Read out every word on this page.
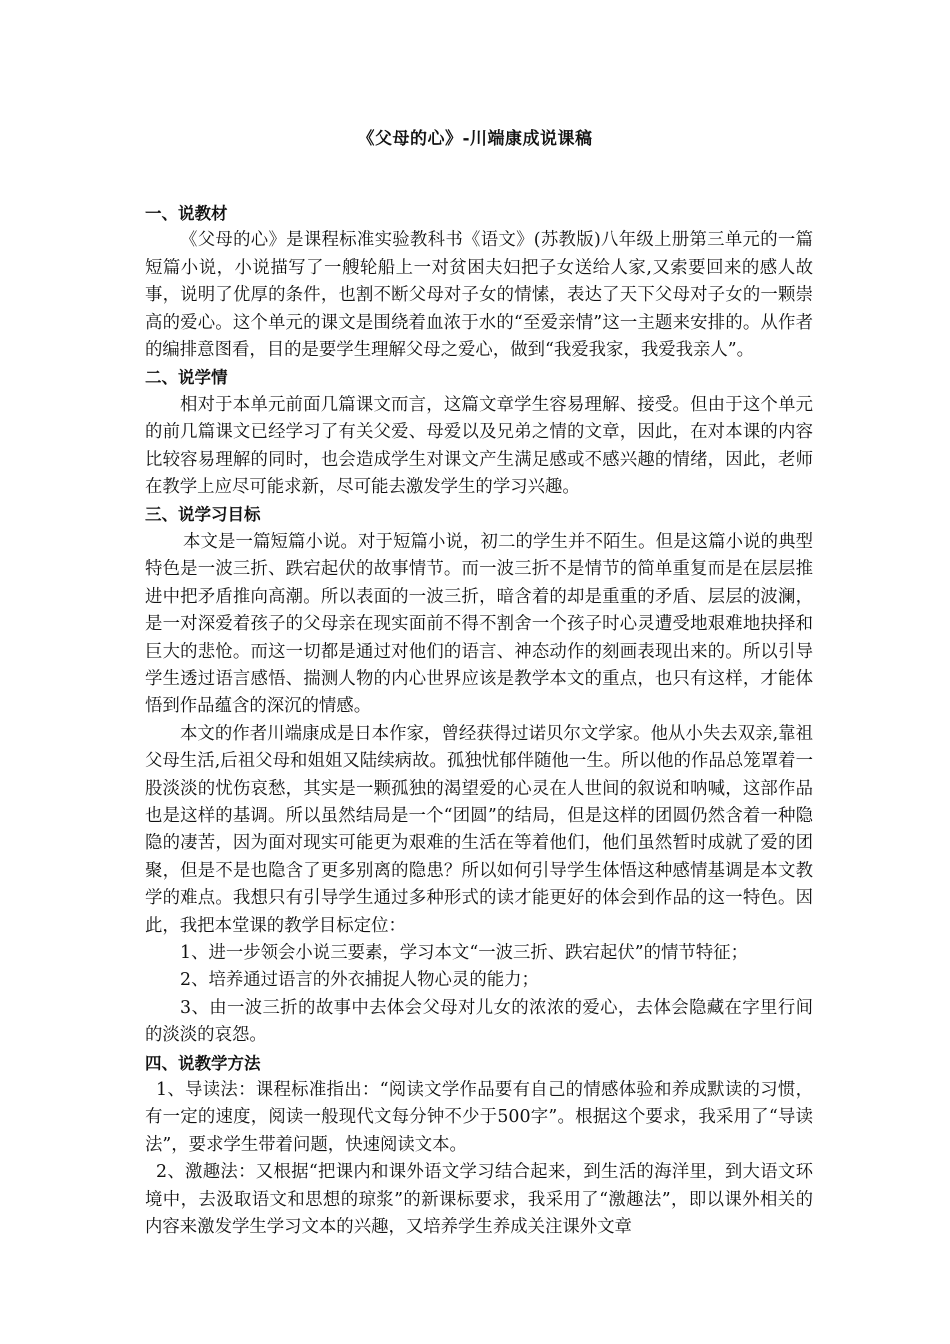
《父母的心》-川端康成说课稿
一、说教材

《父母的心》是课程标准实验教科书《语文》(苏教版)八年级上册第三单元的一篇短篇小说，小说描写了一艘轮船上一对贫困夫妇把子女送给人家,又索要回来的感人故事，说明了优厚的条件，也割不断父母对子女的情愫，表达了天下父母对子女的一颗崇高的爱心。这个单元的课文是围绕着血浓于水的“至爱亲情”这一主题来安排的。从作者的编排意图看，目的是要学生理解父母之爱心，做到“我爱我家，我爱我亲人”。

二、说学情

相对于本单元前面几篇课文而言，这篇文章学生容易理解、接受。但由于这个单元的前几篇课文已经学习了有关父爱、母爱以及兄弟之情的文章，因此，在对本课的内容比较容易理解的同时，也会造成学生对课文产生满足感或不感兴趣的情绪，因此，老师在教学上应尽可能求新，尽可能去激发学生的学习兴趣。

三、说学习目标

本文是一篇短篇小说。对于短篇小说，初二的学生并不陌生。但是这篇小说的典型特色是一波三折、跌宕起伏的故事情节。而一波三折不是情节的简单重复而是在层层推进中把矛盾推向高潮。所以表面的一波三折，暗含着的却是重重的矛盾、层层的波澜，是一对深爱着孩子的父母亲在现实面前不得不割舍一个孩子时心灵遭受地艰难地抉择和巨大的悲怆。而这一切都是通过对他们的语言、神态动作的刻画表现出来的。所以引导学生透过语言感悟、揣测人物的内心世界应该是教学本文的重点，也只有这样，才能体悟到作品蕴含的深沉的情感。

本文的作者川端康成是日本作家，曾经获得过诺贝尔文学家。他从小失去双亲,靠祖父母生活,后祖父母和姐姐又陆续病故。孤独忧郁伴随他一生。所以他的作品总笼罩着一股淡淡的忧伤哀愁，其实是一颗孤独的渴望爱的心灵在人世间的叙说和呐喊，这部作品也是这样的基调。所以虽然结局是一个“团圆”的结局，但是这样的团圆仍然含着一种隐隐的凄苦，因为面对现实可能更为艰难的生活在等着他们，他们虽然暂时成就了爱的团聚，但是不是也隐含了更多别离的隐患？所以如何引导学生体悟这种感情基调是本文教学的难点。我想只有引导学生通过多种形式的读才能更好的体会到作品的这一特色。因此，我把本堂课的教学目标定位：

1、进一步领会小说三要素，学习本文“一波三折、跌宕起伏”的情节特征；

2、培养通过语言的外衣捕捉人物心灵的能力；

3、由一波三折的故事中去体会父母对儿女的浓浓的爱心，去体会隐藏在字里行间的淡淡的哀怨。

四、说教学方法

1、导读法：课程标准指出：“阅读文学作品要有自己的情感体验和养成默读的习惯，有一定的速度，阅读一般现代文每分钟不少于500字”。根据这个要求，我采用了“导读法”，要求学生带着问题，快速阅读文本。

2、激趣法：又根据“把课内和课外语文学习结合起来，到生活的海洋里，到大语文环境中，去汲取语文和思想的琼浆”的新课标要求，我采用了“激趣法”，即以课外相关的内容来激发学生学习文本的兴趣，又培养学生养成关注课外文章
